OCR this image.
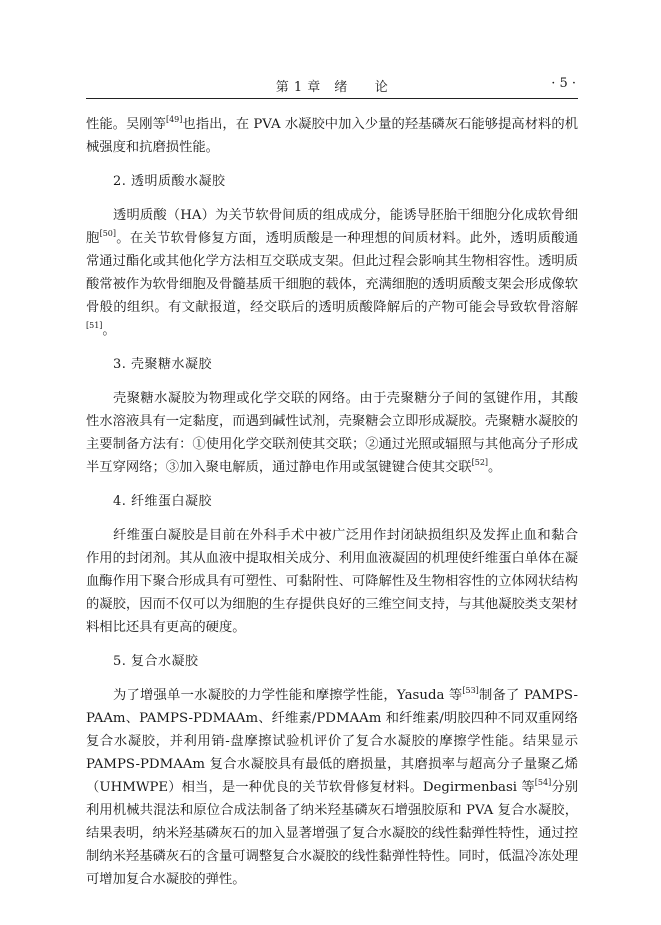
第 1 章　绪　　论	· 5 ·

性能。吴刚等[49]也指出，在 PVA 水凝胶中加入少量的羟基磷灰石能够提高材料的机械强度和抗磨损性能。

2. 透明质酸水凝胶

透明质酸（HA）为关节软骨间质的组成成分，能诱导胚胎干细胞分化成软骨细胞[50]。在关节软骨修复方面，透明质酸是一种理想的间质材料。此外，透明质酸通常通过酯化或其他化学方法相互交联成支架。但此过程会影响其生物相容性。透明质酸常被作为软骨细胞及骨髓基质干细胞的载体，充满细胞的透明质酸支架会形成像软骨般的组织。有文献报道，经交联后的透明质酸降解后的产物可能会导致软骨溶解[51]。

3. 壳聚糖水凝胶

壳聚糖水凝胶为物理或化学交联的网络。由于壳聚糖分子间的氢键作用，其酸性水溶液具有一定黏度，而遇到碱性试剂，壳聚糖会立即形成凝胶。壳聚糖水凝胶的主要制备方法有：①使用化学交联剂使其交联；②通过光照或辐照与其他高分子形成半互穿网络；③加入聚电解质，通过静电作用或氢键键合使其交联[52]。

4. 纤维蛋白凝胶

纤维蛋白凝胶是目前在外科手术中被广泛用作封闭缺损组织及发挥止血和黏合作用的封闭剂。其从血液中提取相关成分、利用血液凝固的机理使纤维蛋白单体在凝血酶作用下聚合形成具有可塑性、可黏附性、可降解性及生物相容性的立体网状结构的凝胶，因而不仅可以为细胞的生存提供良好的三维空间支持，与其他凝胶类支架材料相比还具有更高的硬度。

5. 复合水凝胶

为了增强单一水凝胶的力学性能和摩擦学性能，Yasuda 等[53]制备了 PAMPS-PAAm、PAMPS-PDMAAm、纤维素/PDMAAm 和纤维素/明胶四种不同双重网络复合水凝胶，并利用销-盘摩擦试验机评价了复合水凝胶的摩擦学性能。结果显示 PAMPS-PDMAAm 复合水凝胶具有最低的磨损量，其磨损率与超高分子量聚乙烯（UHMWPE）相当，是一种优良的关节软骨修复材料。Degirmenbasi 等[54]分别利用机械共混法和原位合成法制备了纳米羟基磷灰石增强胶原和 PVA 复合水凝胶，结果表明，纳米羟基磷灰石的加入显著增强了复合水凝胶的线性黏弹性特性，通过控制纳米羟基磷灰石的含量可调整复合水凝胶的线性黏弹性特性。同时，低温冷冻处理可增加复合水凝胶的弹性。
